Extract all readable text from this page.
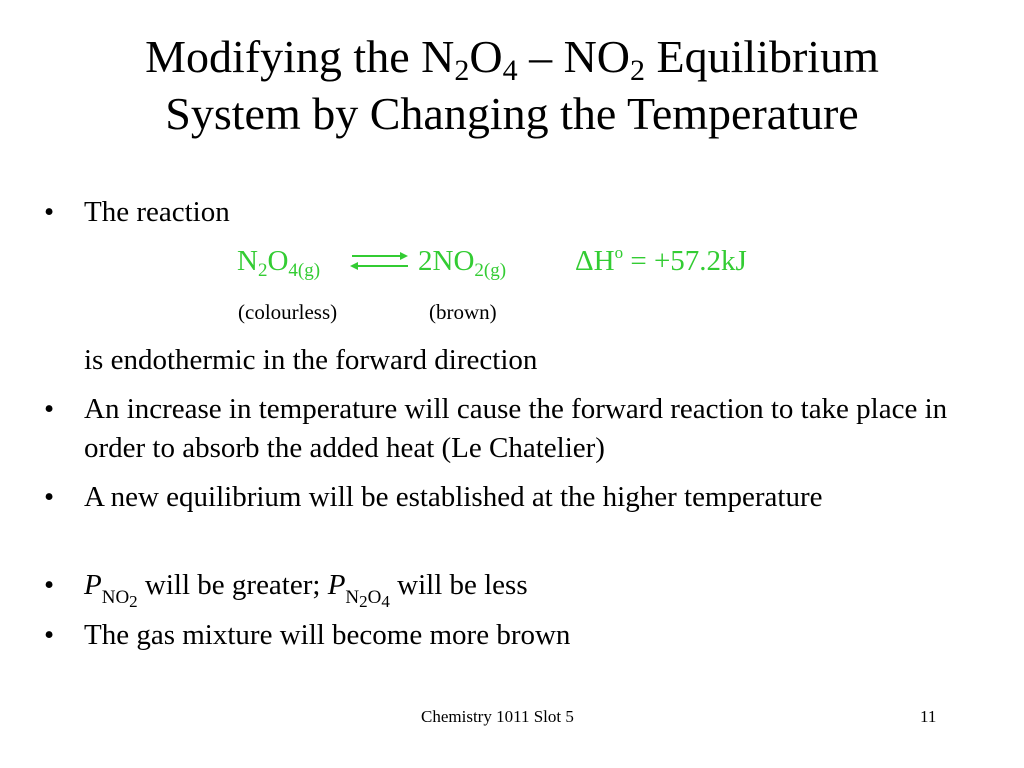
Modifying the $N_2O_4 - NO_2$ Equilibrium
System by Changing the Temperature
•	The reaction
$N_2O_{4(g)}$ ⇌ $2NO_{2(g)}$ $\Delta H^o = +57.2kJ$
(colourless)	(brown)
is endothermic in the forward direction
•	An increase in temperature will cause the forward reaction to take place in order to absorb the added heat (Le Chatelier)
•	A new equilibrium will be established at the higher temperature
•	$P_{NO_2}$ will be greater; $P_{N_2O_4}$ will be less
•	The gas mixture will become more brown
Chemistry 1011 Slot 5	11
